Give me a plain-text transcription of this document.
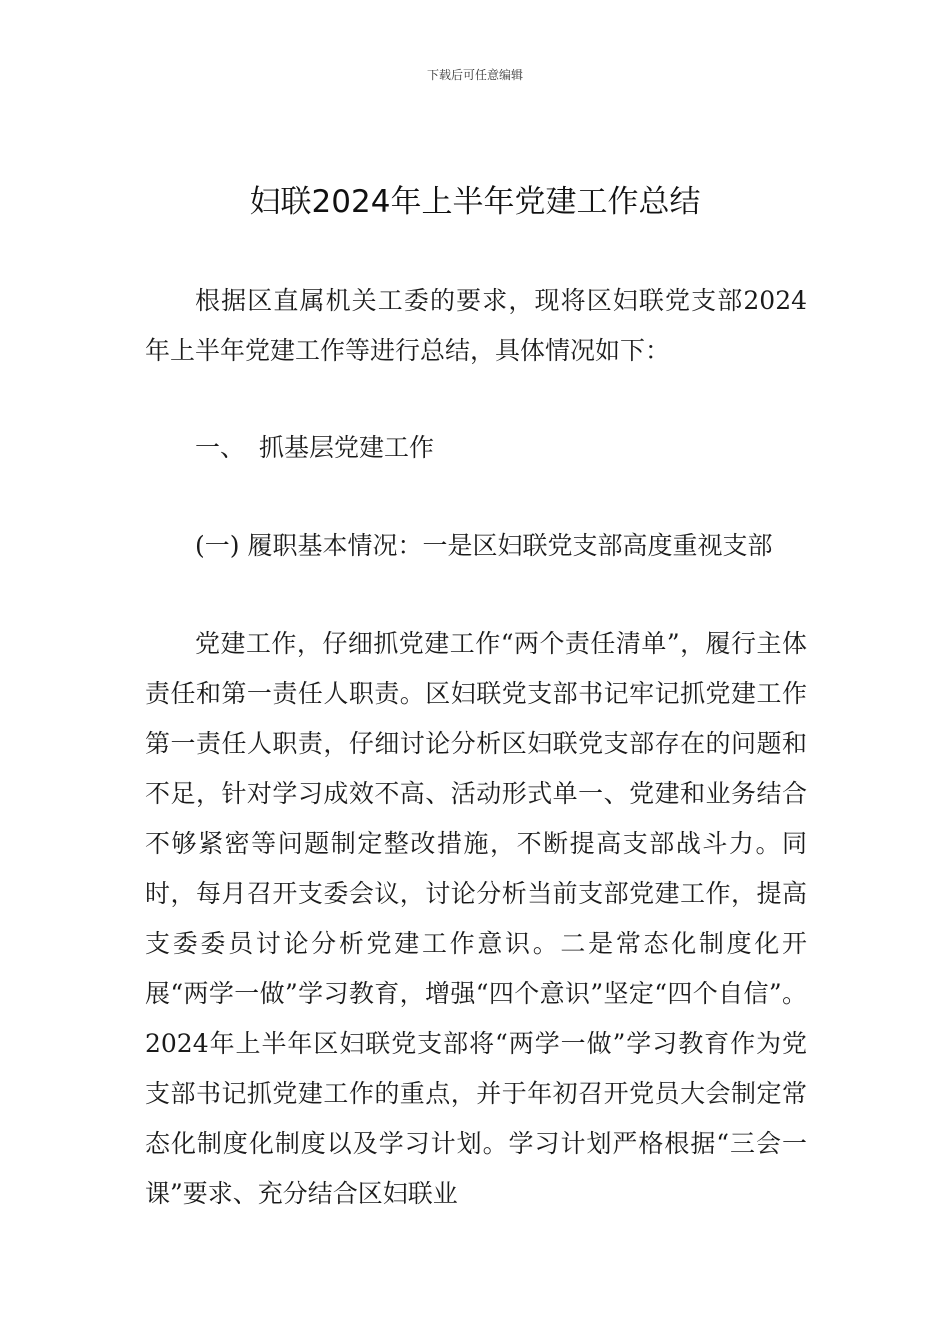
下载后可任意编辑
妇联2024年上半年党建工作总结
根据区直属机关工委的要求，现将区妇联党支部2024年上半年党建工作等进行总结，具体情况如下：
一、 抓基层党建工作
(一) 履职基本情况：一是区妇联党支部高度重视支部
党建工作，仔细抓党建工作“两个责任清单”，履行主体责任和第一责任人职责。区妇联党支部书记牢记抓党建工作第一责任人职责，仔细讨论分析区妇联党支部存在的问题和不足，针对学习成效不高、活动形式单一、党建和业务结合不够紧密等问题制定整改措施，不断提高支部战斗力。同时，每月召开支委会议，讨论分析当前支部党建工作，提高支委委员讨论分析党建工作意识。二是常态化制度化开展“两学一做”学习教育，增强“四个意识”坚定“四个自信”。2024年上半年区妇联党支部将“两学一做”学习教育作为党支部书记抓党建工作的重点，并于年初召开党员大会制定常态化制度化制度以及学习计划。学习计划严格根据“三会一课”要求、充分结合区妇联业
